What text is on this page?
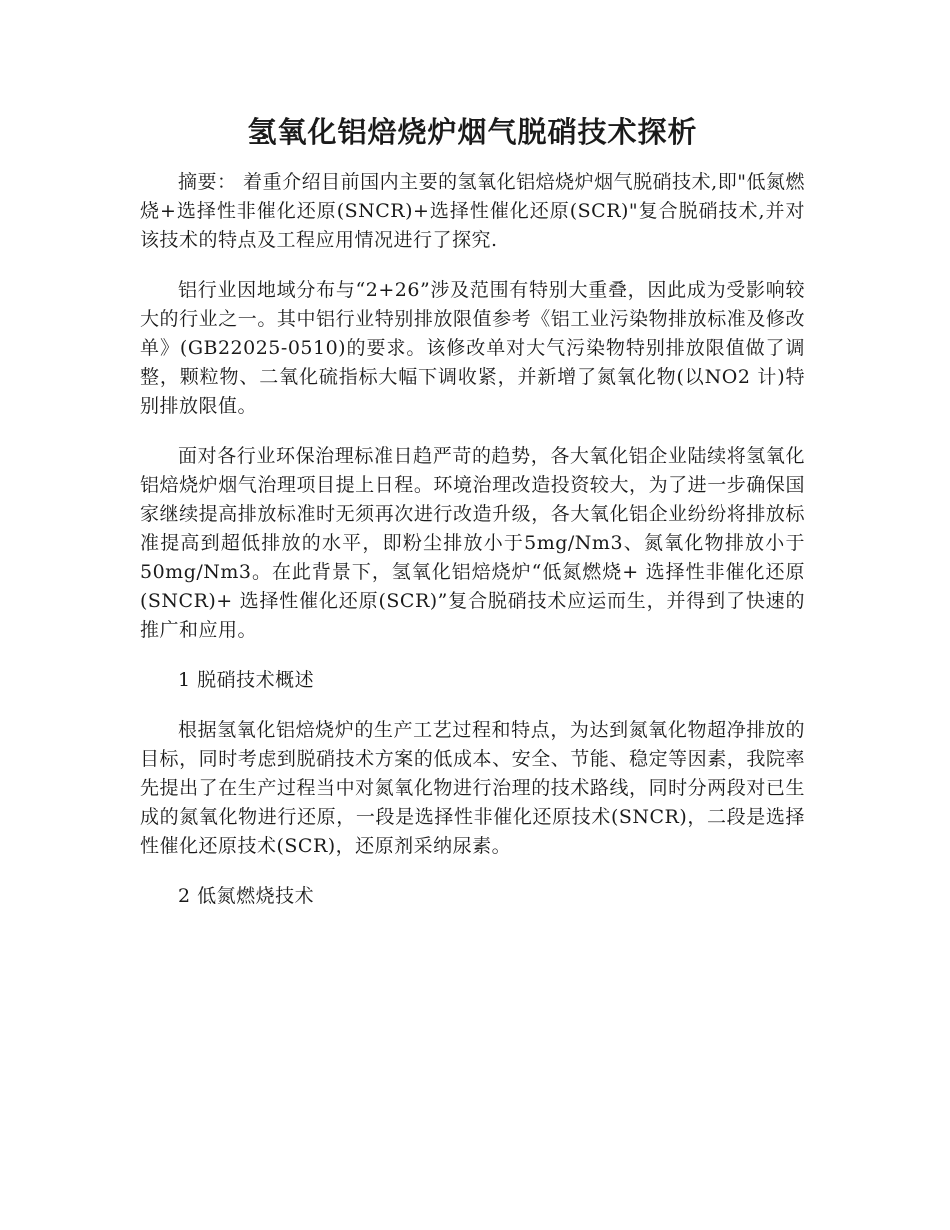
氢氧化铝焙烧炉烟气脱硝技术探析

摘要： 着重介绍目前国内主要的氢氧化铝焙烧炉烟气脱硝技术,即"低氮燃烧+选择性非催化还原(SNCR)+选择性催化还原(SCR)"复合脱硝技术,并对该技术的特点及工程应用情况进行了探究.

铝行业因地域分布与“2+26”涉及范围有特别大重叠，因此成为受影响较大的行业之一。其中铝行业特别排放限值参考《铝工业污染物排放标准及修改单》(GB22025-0510)的要求。该修改单对大气污染物特别排放限值做了调整，颗粒物、二氧化硫指标大幅下调收紧，并新增了氮氧化物(以NO2 计)特别排放限值。

面对各行业环保治理标准日趋严苛的趋势，各大氧化铝企业陆续将氢氧化铝焙烧炉烟气治理项目提上日程。环境治理改造投资较大，为了进一步确保国家继续提高排放标准时无须再次进行改造升级，各大氧化铝企业纷纷将排放标准提高到超低排放的水平，即粉尘排放小于5mg/Nm3、氮氧化物排放小于50mg/Nm3。在此背景下，氢氧化铝焙烧炉“低氮燃烧+ 选择性非催化还原(SNCR)+ 选择性催化还原(SCR)”复合脱硝技术应运而生，并得到了快速的推广和应用。

1 脱硝技术概述

根据氢氧化铝焙烧炉的生产工艺过程和特点，为达到氮氧化物超净排放的目标，同时考虑到脱硝技术方案的低成本、安全、节能、稳定等因素，我院率先提出了在生产过程当中对氮氧化物进行治理的技术路线，同时分两段对已生成的氮氧化物进行还原，一段是选择性非催化还原技术(SNCR)，二段是选择性催化还原技术(SCR)，还原剂采纳尿素。

2 低氮燃烧技术
